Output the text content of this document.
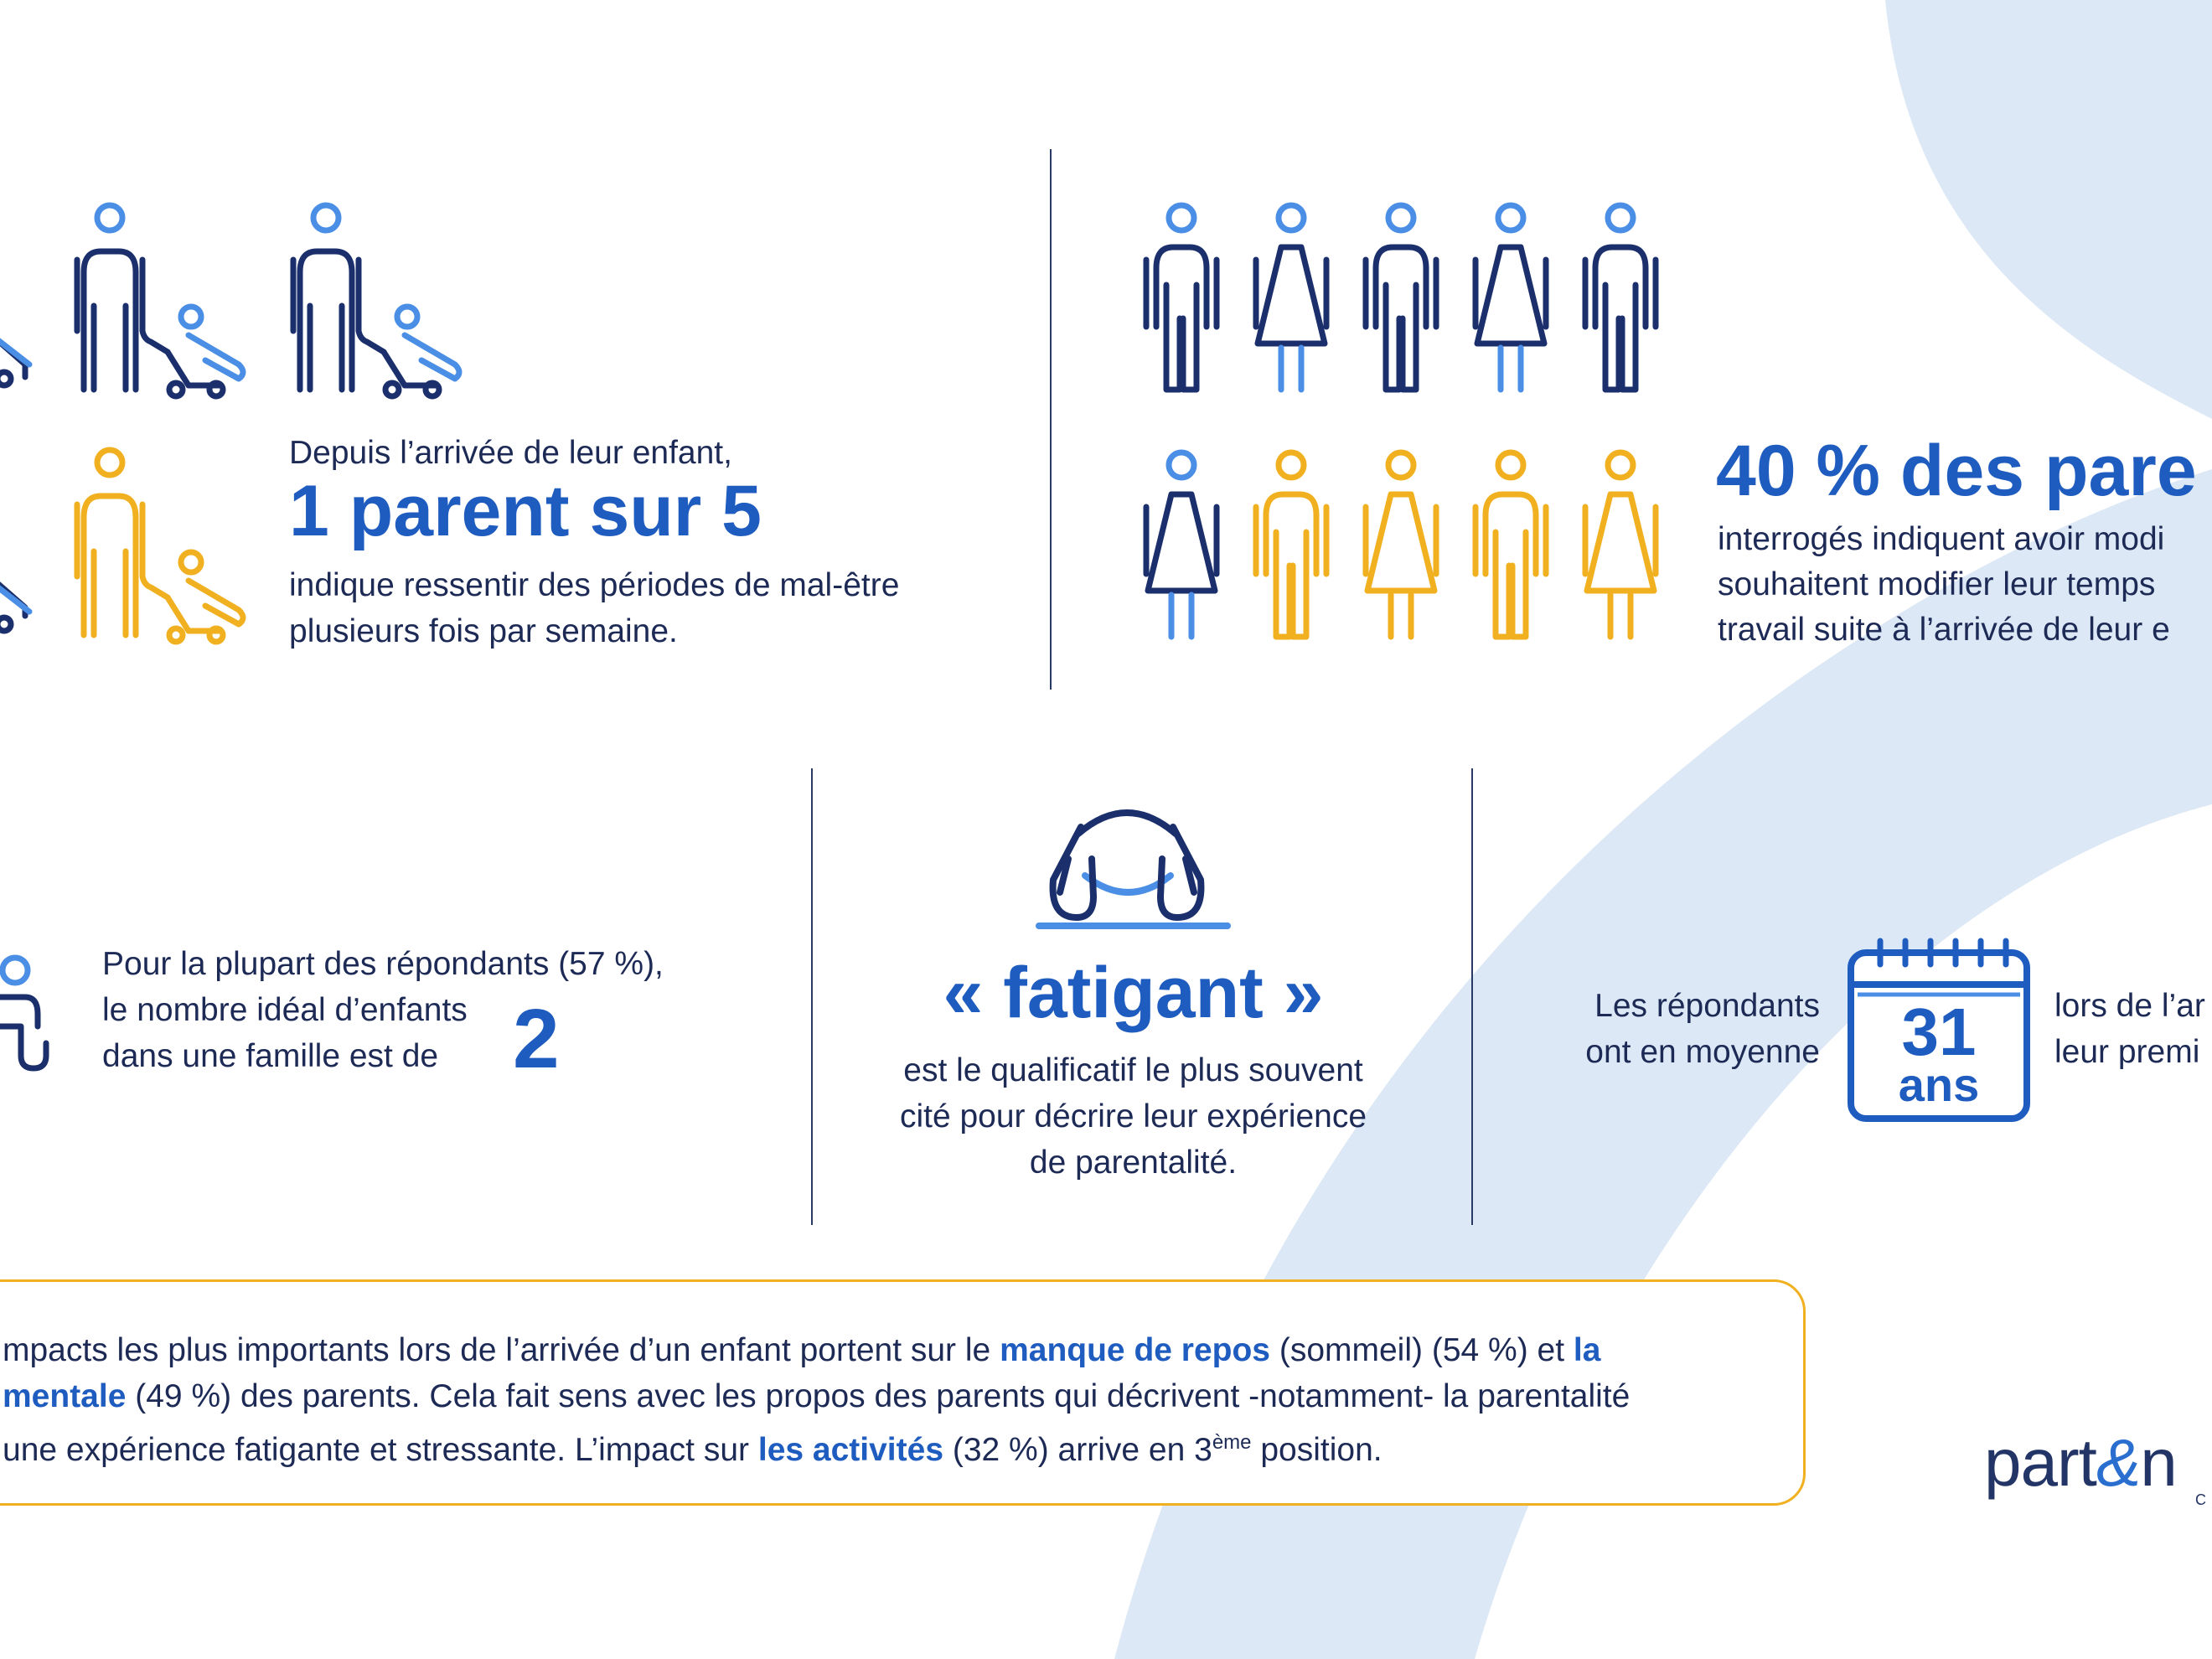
Depuis l’arrivée de leur enfant,
1 parent sur 5
indique ressentir des périodes de mal-être
plusieurs fois par semaine.
40 % des pare
interrogés indiquent avoir modi
souhaitent modifier leur temps
travail suite à l’arrivée de leur e
Pour la plupart des répondants (57 %),
le nombre idéal d’enfants
dans une famille est de 2	« fatigant »
est le qualificatif le plus souvent
cité pour décrire leur expérience
de parentalité.
Les répondants
ont en moyenne	31
ans
lors de l’ar
leur premi
mpacts les plus importants lors de l’arrivée d’un enfant portent sur le manque de repos (sommeil) (54 %) et la
mentale (49 %) des parents. Cela fait sens avec les propos des parents qui décrivent -notamment- la parentalité
une expérience fatigante et stressante. L’impact sur les activités (32 %) arrive en 3ème position.	part&n C
